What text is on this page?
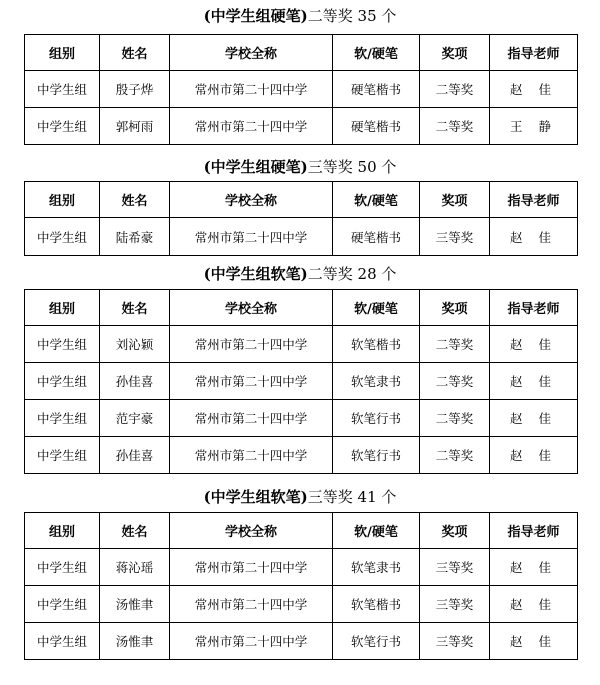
(中学生组硬笔)二等奖 35 个
组别	姓名	学校全称	软/硬笔	奖项	指导老师
中学生组	殷子烨	常州市第二十四中学	硬笔楷书	二等奖	赵 佳
中学生组	郭柯雨	常州市第二十四中学	硬笔楷书	二等奖	王 静
(中学生组硬笔)三等奖 50 个
组别	姓名	学校全称	软/硬笔	奖项	指导老师
中学生组	陆希豪	常州市第二十四中学	硬笔楷书	三等奖	赵 佳
(中学生组软笔)二等奖 28 个
组别	姓名	学校全称	软/硬笔	奖项	指导老师
中学生组	刘沁颖	常州市第二十四中学	软笔楷书	二等奖	赵 佳
中学生组	孙佳喜	常州市第二十四中学	软笔隶书	二等奖	赵 佳
中学生组	范宇豪	常州市第二十四中学	软笔行书	二等奖	赵 佳
中学生组	孙佳喜	常州市第二十四中学	软笔行书	二等奖	赵 佳
(中学生组软笔)三等奖 41 个
组别	姓名	学校全称	软/硬笔	奖项	指导老师
中学生组	蒋沁瑶	常州市第二十四中学	软笔隶书	三等奖	赵 佳
中学生组	汤惟聿	常州市第二十四中学	软笔楷书	三等奖	赵 佳
中学生组	汤惟聿	常州市第二十四中学	软笔行书	三等奖	赵 佳
